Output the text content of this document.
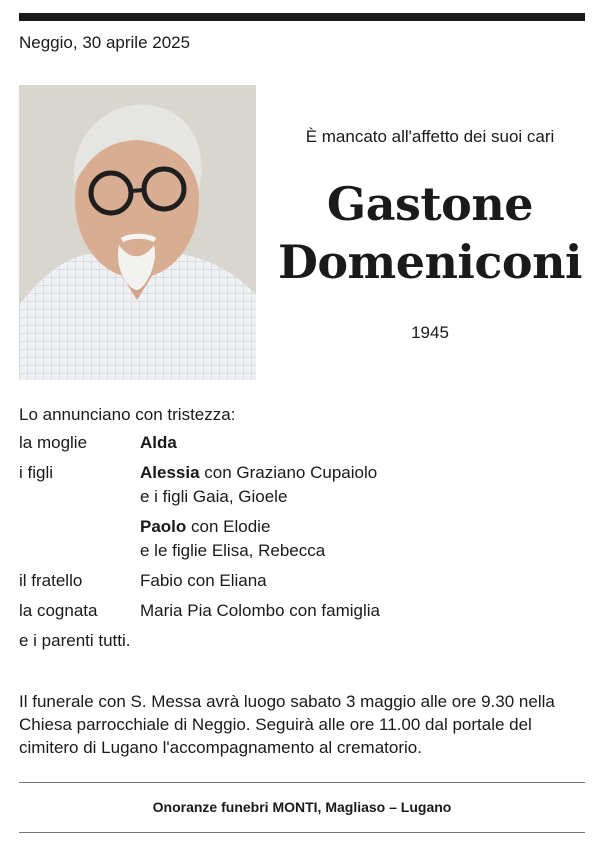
Neggio, 30 aprile 2025

È mancato all'affetto dei suoi cari

Gastone
Domeniconi
1945
Lo annunciano con tristezza:
la moglie	Alda
i figli	Alessia con Graziano Cupaiolo
e i figli Gaia, Gioele
Paolo con Elodie
e le figlie Elisa, Rebecca
il fratello	Fabio con Eliana
la cognata	Maria Pia Colombo con famiglia
e i parenti tutti.
Il funerale con S. Messa avrà luogo sabato 3 maggio alle ore 9.30 nella Chiesa parrocchiale di Neggio. Seguirà alle ore 11.00 dal portale del cimitero di Lugano l'accompagnamento al crematorio.
Onoranze funebri MONTI, Magliaso – Lugano
